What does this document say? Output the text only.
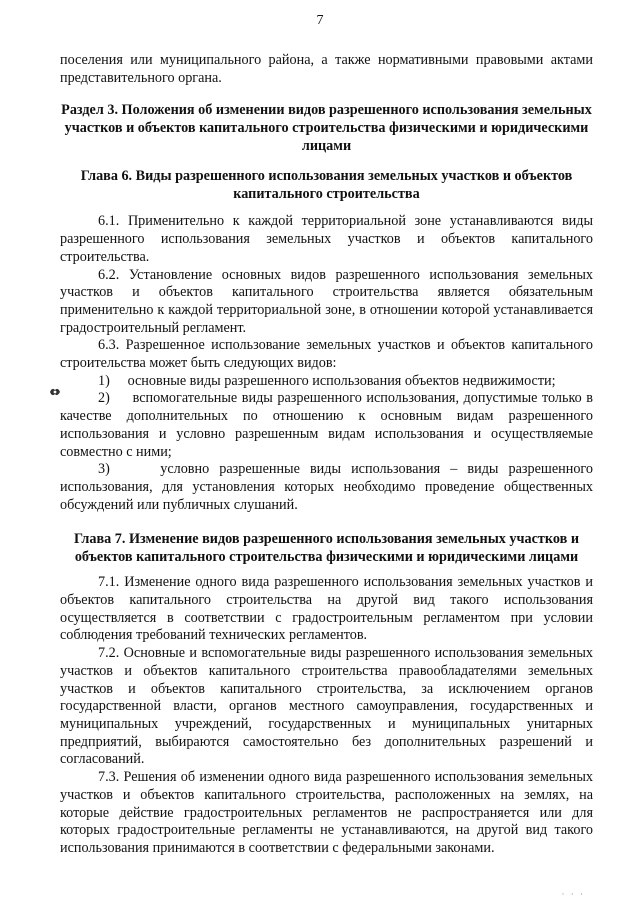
7

поселения или муниципального района, а также нормативными правовыми актами представительного органа.

Раздел 3. Положения об изменении видов разрешенного использования земельных участков и объектов капитального строительства физическими и юридическими лицами
Глава 6. Виды разрешенного использования земельных участков и объектов капитального строительства

6.1. Применительно к каждой территориальной зоне устанавливаются виды разрешенного использования земельных участков и объектов капитального строительства.

6.2. Установление основных видов разрешенного использования земельных участков и объектов капитального строительства является обязательным применительно к каждой территориальной зоне, в отношении которой устанавливается градостроительный регламент.

6.3. Разрешенное использование земельных участков и объектов капитального строительства может быть следующих видов:

1) основные виды разрешенного использования объектов недвижимости;

2) вспомогательные виды разрешенного использования, допустимые только в качестве дополнительных по отношению к основным видам разрешенного использования и условно разрешенным видам использования и осуществляемые совместно с ними;

3)	условно разрешенные виды использования – виды разрешенного использования, для установления которых необходимо проведение общественных обсуждений или публичных слушаний.

Глава 7. Изменение видов разрешенного использования земельных участков и объектов капитального строительства физическими и юридическими лицами

7.1. Изменение одного вида разрешенного использования земельных участков и объектов капитального строительства на другой вид такого использования осуществляется в соответствии с градостроительным регламентом при условии соблюдения требований технических регламентов.

7.2. Основные и вспомогательные виды разрешенного использования земельных участков и объектов капитального строительства правообладателями земельных участков и объектов капитального строительства, за исключением органов государственной власти, органов местного самоуправления, государственных и муниципальных учреждений, государственных и муниципальных унитарных предприятий, выбираются самостоятельно без дополнительных разрешений и согласований.

7.3. Решения об изменении одного вида разрешенного использования земельных участков и объектов капитального строительства, расположенных на землях, на которые действие градостроительных регламентов не распространяется или для которых градостроительные регламенты не устанавливаются, на другой вид такого использования принимаются в соответствии с федеральными законами.

· · ·
